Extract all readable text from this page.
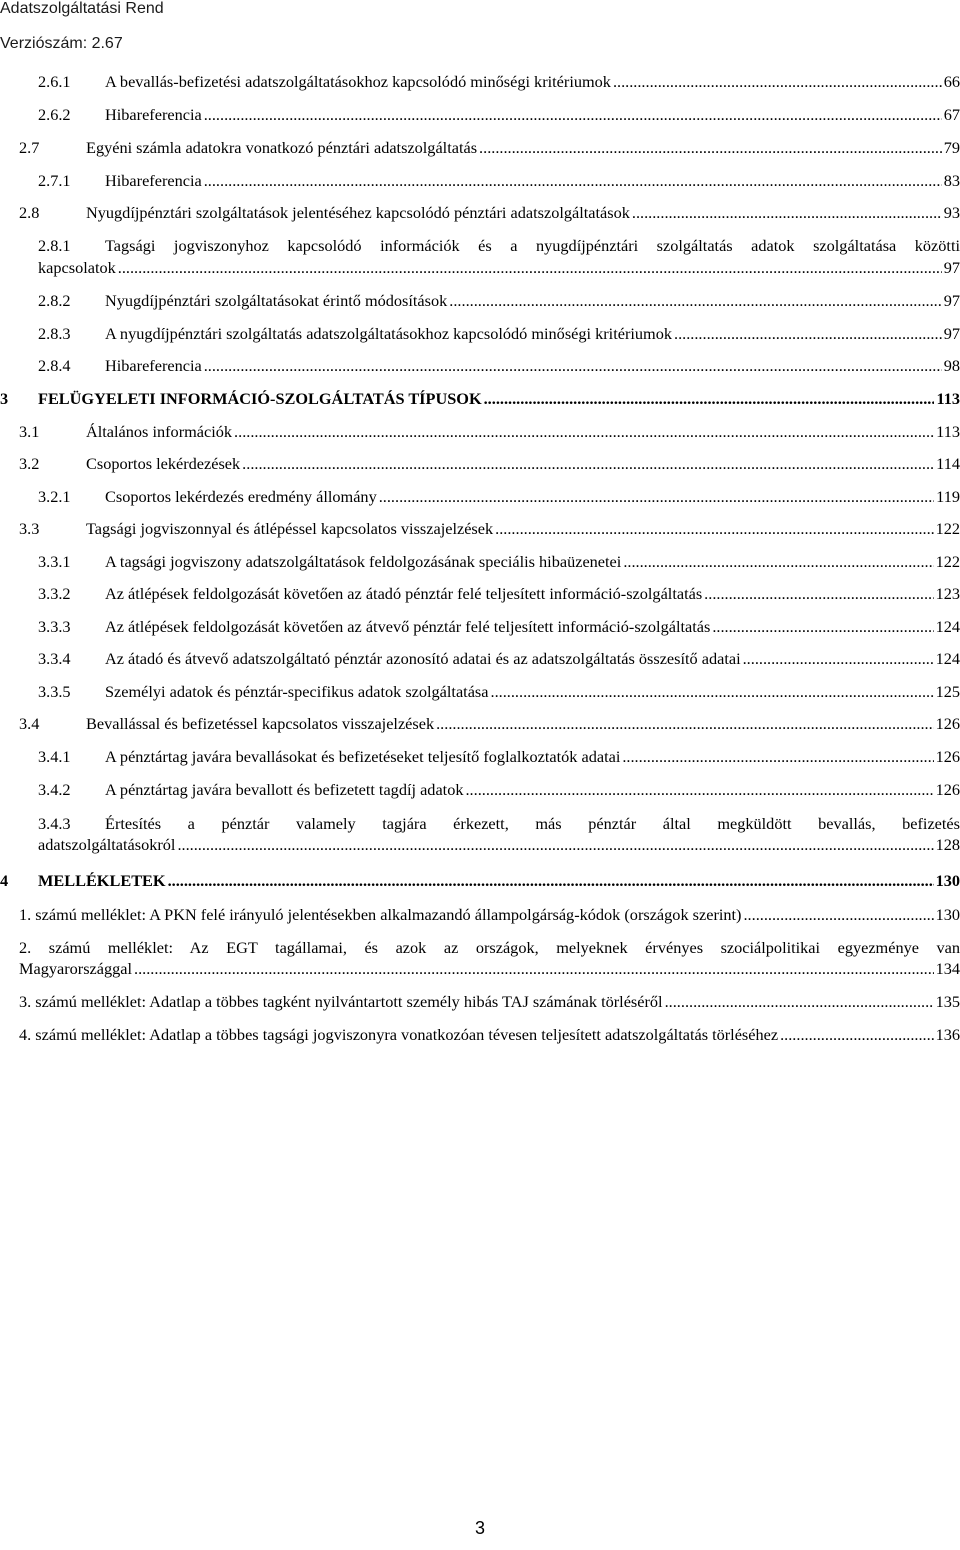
Adatszolgáltatási Rend
Verziószám: 2.67
2.6.1	A bevallás-befizetési adatszolgáltatásokhoz kapcsolódó minőségi kritériumok .....	66
2.6.2	Hibareferencia .....	67
2.7	Egyéni számla adatokra vonatkozó pénztári adatszolgáltatás .....	79
2.7.1	Hibareferencia .....	83
2.8	Nyugdíjpénztári szolgáltatások jelentéséhez kapcsolódó pénztári adatszolgáltatások .....	93
2.8.1 Tagsági jogviszonyhoz kapcsolódó információk és a nyugdíjpénztári szolgáltatás adatok szolgáltatása közötti
kapcsolatok .....	97
2.8.2	Nyugdíjpénztári szolgáltatásokat érintő módosítások .....	97
2.8.3	A nyugdíjpénztári szolgáltatás adatszolgáltatásokhoz kapcsolódó minőségi kritériumok .....	97
2.8.4	Hibareferencia .....	98
3	FELÜGYELETI INFORMÁCIÓ-SZOLGÁLTATÁS TÍPUSOK .....	113
3.1	Általános információk .....	113
3.2	Csoportos lekérdezések .....	114
3.2.1	Csoportos lekérdezés eredmény állomány .....	119
3.3	Tagsági jogviszonnyal és átlépéssel kapcsolatos visszajelzések .....	122
3.3.1	A tagsági jogviszony adatszolgáltatások feldolgozásának speciális hibaüzenetei .....	122
3.3.2	Az átlépések feldolgozását követően az átadó pénztár felé teljesített információ-szolgáltatás .....	123
3.3.3	Az átlépések feldolgozását követően az átvevő pénztár felé teljesített információ-szolgáltatás .....	124
3.3.4	Az átadó és átvevő adatszolgáltató pénztár azonosító adatai és az adatszolgáltatás összesítő adatai .....	124
3.3.5	Személyi adatok és pénztár-specifikus adatok szolgáltatása .....	125
3.4	Bevallással és befizetéssel kapcsolatos visszajelzések .....	126
3.4.1	A pénztártag javára bevallásokat és befizetéseket teljesítő foglalkoztatók adatai .....	126
3.4.2	A pénztártag javára bevallott és befizetett tagdíj adatok .....	126
3.4.3 Értesítés a pénztár valamely tagjára érkezett, más pénztár által megküldött bevallás, befizetés
adatszolgáltatásokról .....	128
4	MELLÉKLETEK .....	130
1. számú melléklet: A PKN felé irányuló jelentésekben alkalmazandó állampolgárság-kódok (országok szerint) .....	130
2. számú melléklet: Az EGT tagállamai, és azok az országok, melyeknek érvényes szociálpolitikai egyezménye van
Magyarországgal .....	134
3. számú melléklet: Adatlap a többes tagként nyilvántartott személy hibás TAJ számának törléséről .....	135
4. számú melléklet: Adatlap a többes tagsági jogviszonyra vonatkozóan tévesen teljesített adatszolgáltatás törléséhez .....	136
3
